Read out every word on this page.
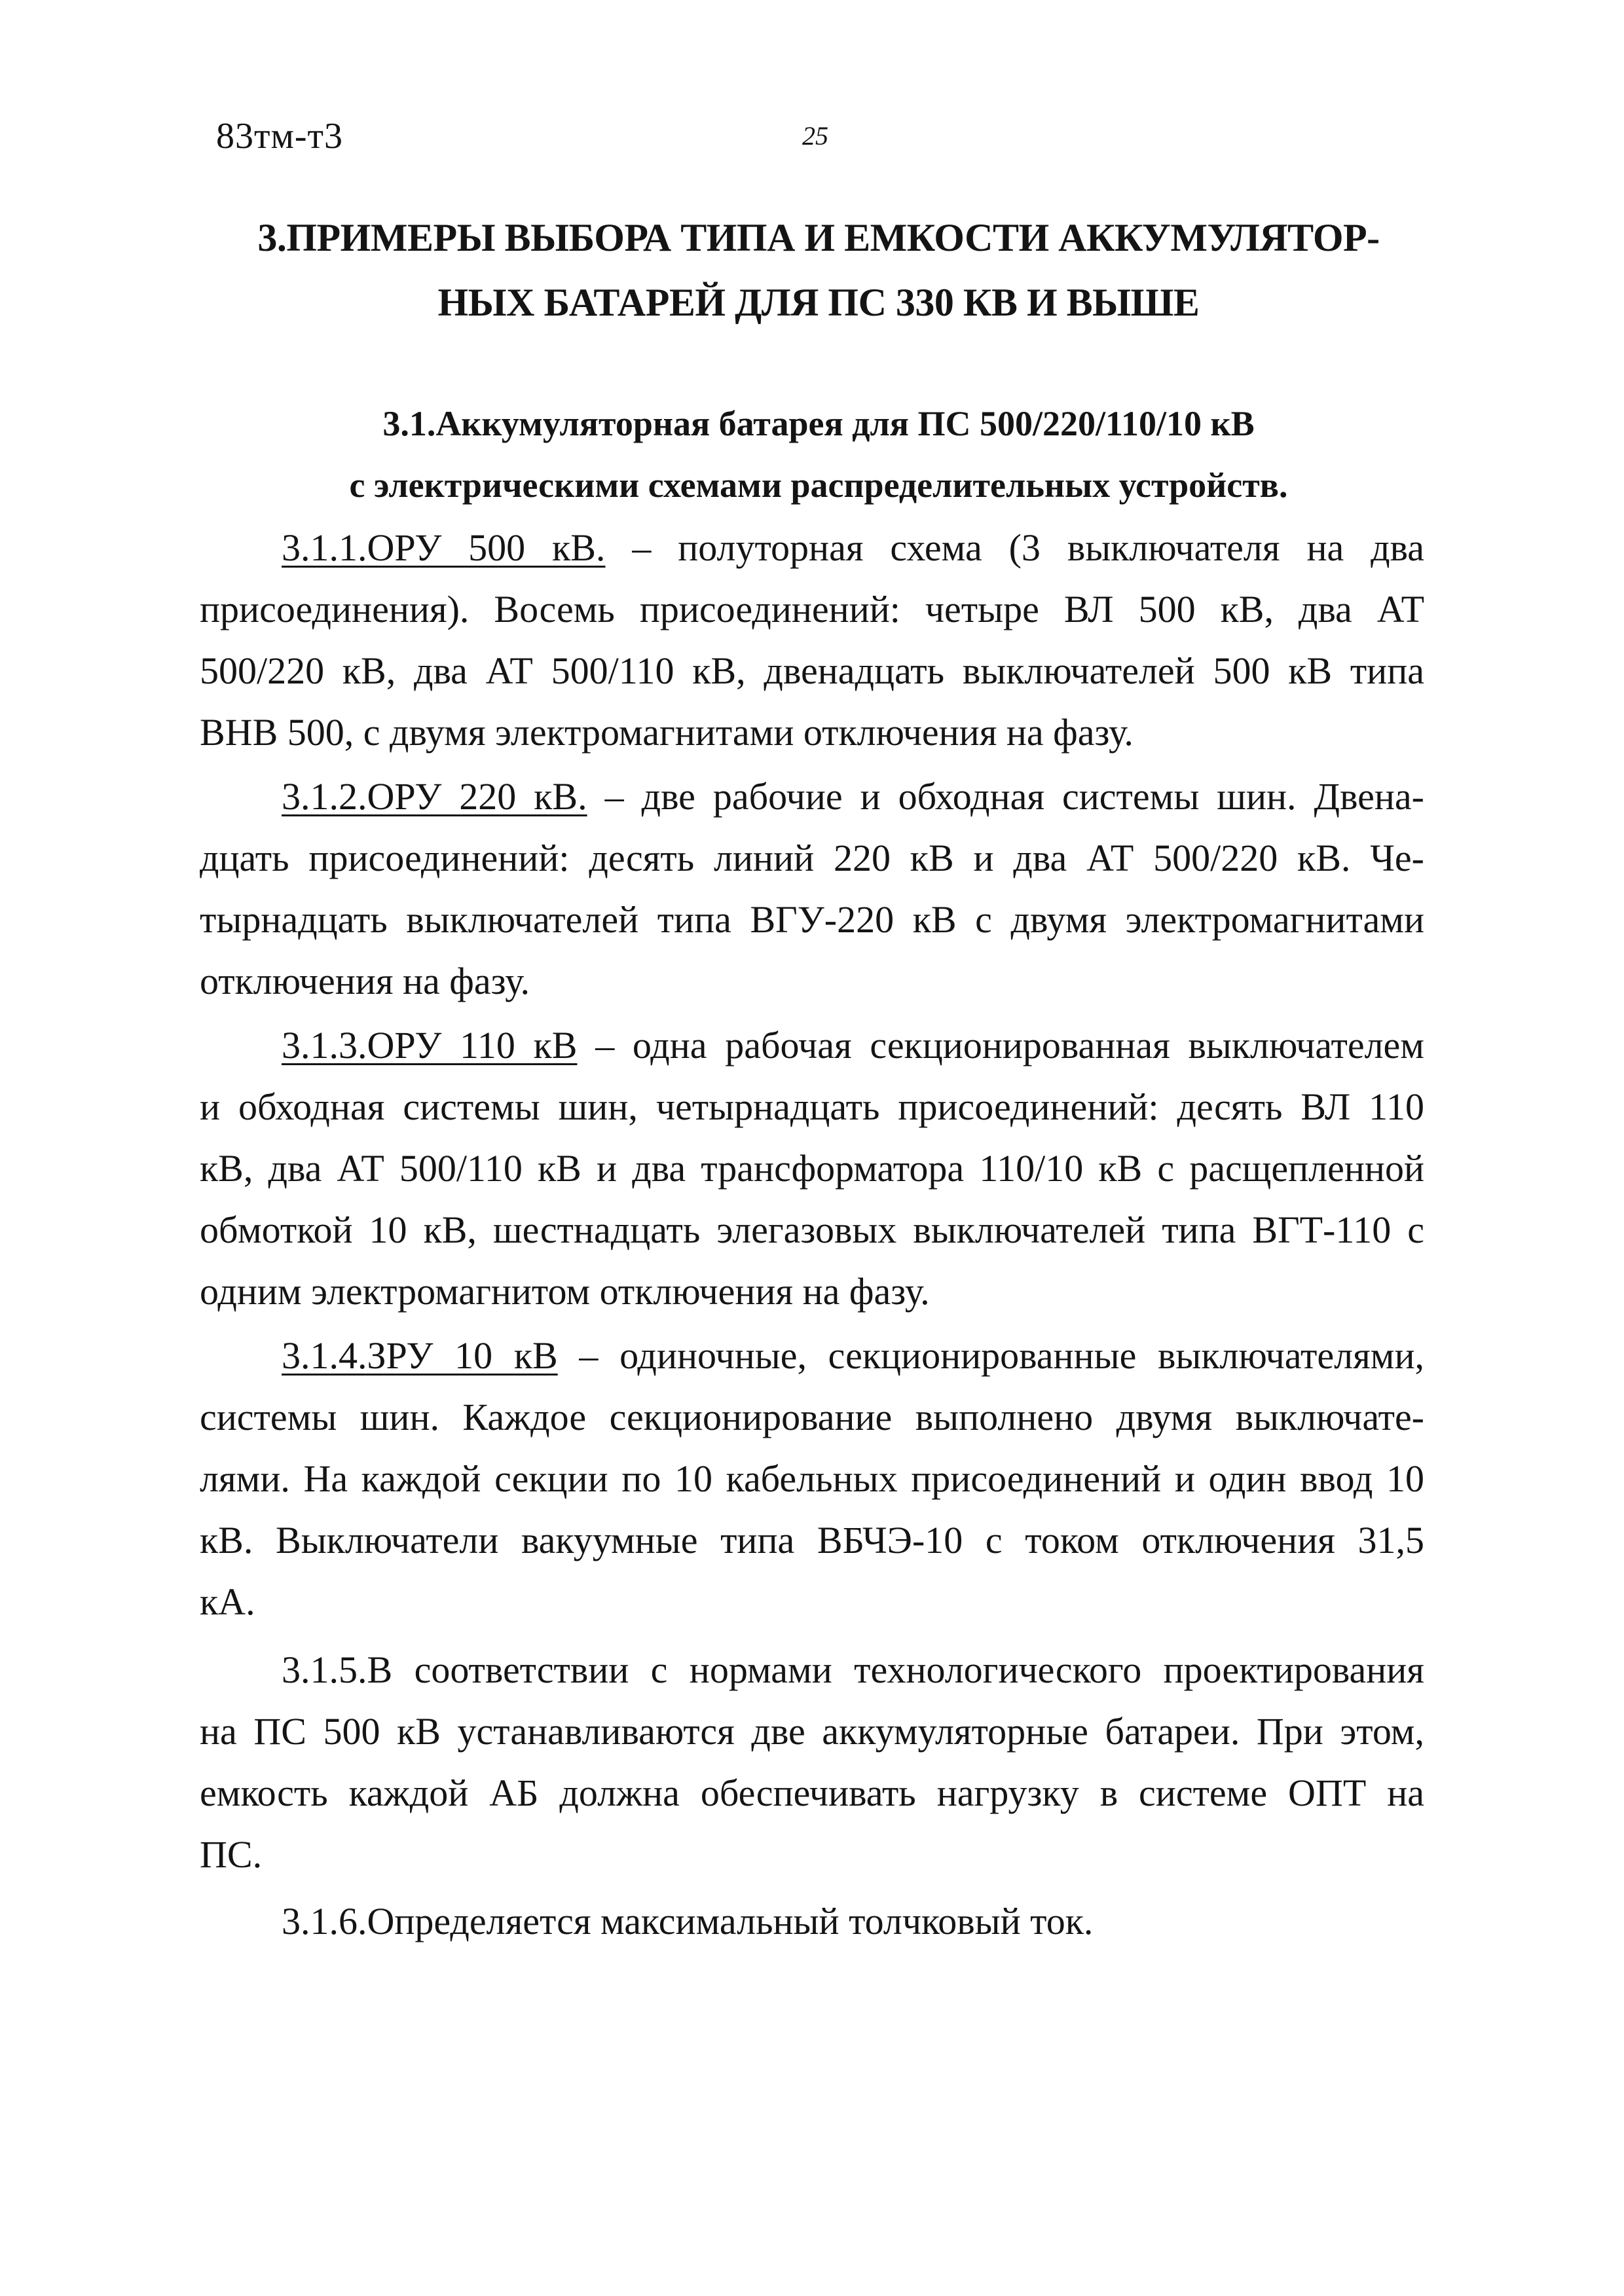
83тм-т3	25
3.ПРИМЕРЫ ВЫБОРА ТИПА И ЕМКОСТИ АККУМУЛЯТОР-
НЫХ БАТАРЕЙ ДЛЯ ПС 330 КВ И ВЫШЕ
3.1.Аккумуляторная батарея для ПС 500/220/110/10 кВ
с электрическими схемами распределительных устройств.
3.1.1.ОРУ 500 кВ. – полуторная схема (3 выключателя на два
присоединения). Восемь присоединений: четыре ВЛ 500 кВ, два АТ
500/220 кВ, два АТ 500/110 кВ, двенадцать выключателей 500 кВ типа
ВНВ 500, с двумя электромагнитами отключения на фазу.
3.1.2.ОРУ 220 кВ. – две рабочие и обходная системы шин. Двена-
дцать присоединений: десять линий 220 кВ и два АТ 500/220 кВ. Че-
тырнадцать выключателей типа ВГУ-220 кВ с двумя электромагнитами
отключения на фазу.
3.1.3.ОРУ 110 кВ – одна рабочая секционированная выключателем
и обходная системы шин, четырнадцать присоединений: десять ВЛ 110
кВ, два АТ 500/110 кВ и два трансформатора 110/10 кВ с расщепленной
обмоткой 10 кВ, шестнадцать элегазовых выключателей типа ВГТ-110 с
одним электромагнитом отключения на фазу.
3.1.4.ЗРУ 10 кВ – одиночные, секционированные выключателями,
системы шин. Каждое секционирование выполнено двумя выключате-
лями. На каждой секции по 10 кабельных присоединений и один ввод 10
кВ. Выключатели вакуумные типа ВБЧЭ-10 с током отключения 31,5
кА.
3.1.5.В соответствии с нормами технологического проектирования
на ПС 500 кВ устанавливаются две аккумуляторные батареи. При этом,
емкость каждой АБ должна обеспечивать нагрузку в системе ОПТ на
ПС.
3.1.6.Определяется максимальный толчковый ток.
